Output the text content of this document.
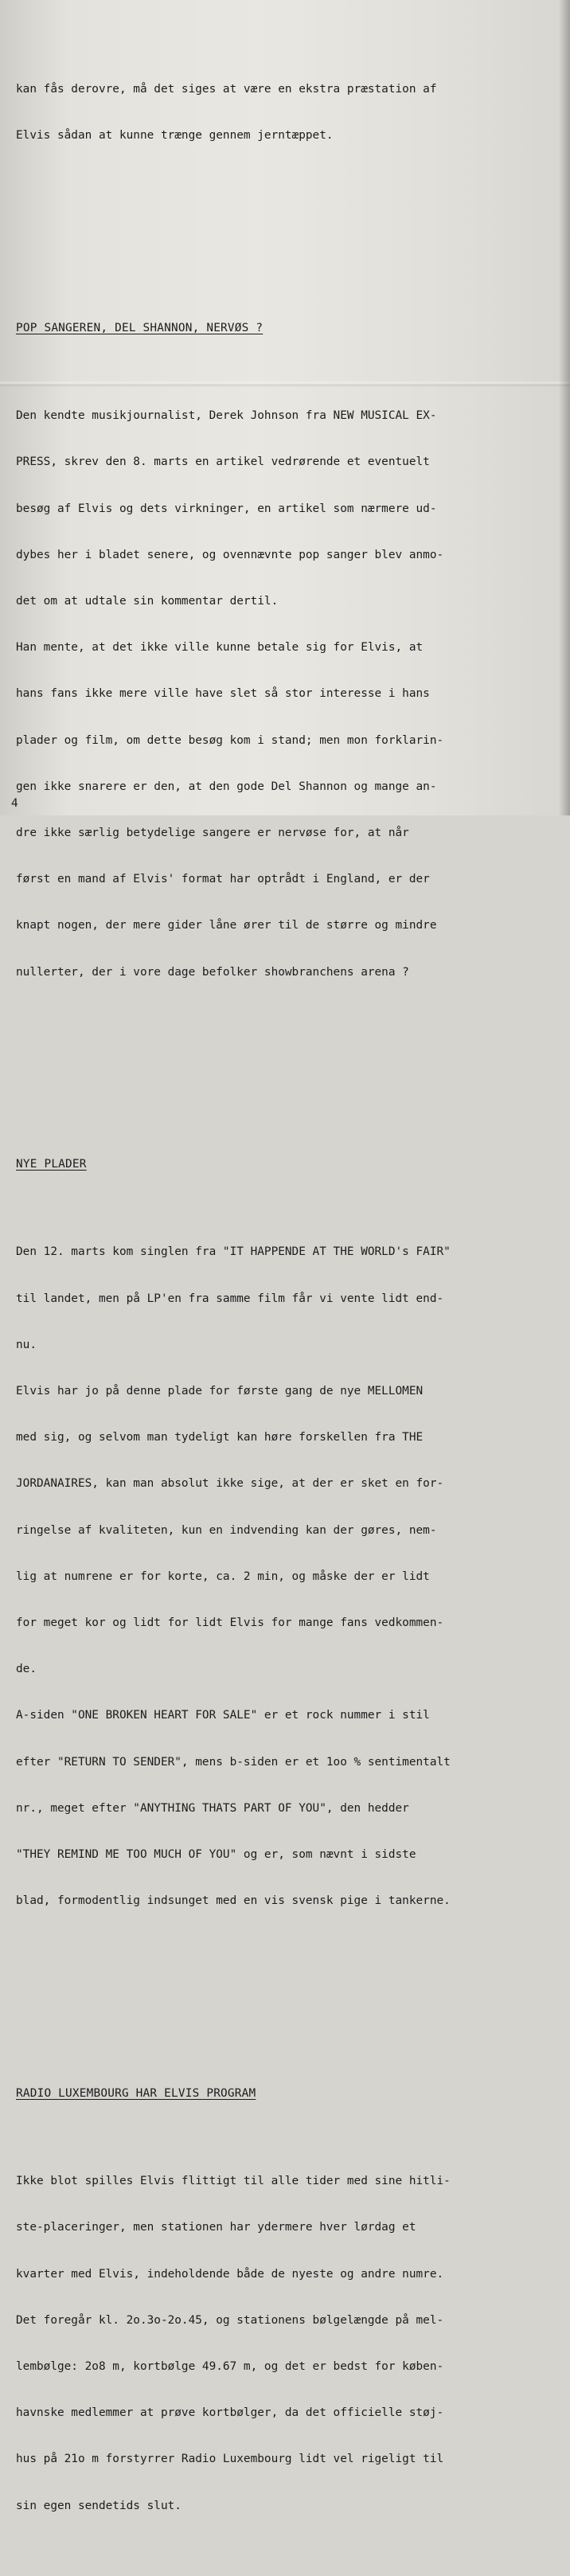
kan fås derovre, må det siges at være en ekstra præstation af

Elvis sådan at kunne trænge gennem jerntæppet.

POP SANGEREN, DEL SHANNON, NERVØS ?

Den kendte musikjournalist, Derek Johnson fra NEW MUSICAL EX-

PRESS, skrev den 8. marts en artikel vedrørende et eventuelt

besøg af Elvis og dets virkninger, en artikel som nærmere ud-

dybes her i bladet senere, og ovennævnte pop sanger blev anmo-

det om at udtale sin kommentar dertil.

Han mente, at det ikke ville kunne betale sig for Elvis, at

hans fans ikke mere ville have slet så stor interesse i hans

plader og film, om dette besøg kom i stand; men mon forklarin-

gen ikke snarere er den, at den gode Del Shannon og mange an-

dre ikke særlig betydelige sangere er nervøse for, at når

først en mand af Elvis' format har optrådt i England, er der

knapt nogen, der mere gider låne ører til de større og mindre

nullerter, der i vore dage befolker showbranchens arena ?

NYE PLADER

Den 12. marts kom singlen fra "IT HAPPENDE AT THE WORLD's FAIR"

til landet, men på LP'en fra samme film får vi vente lidt end-

nu.

Elvis har jo på denne plade for første gang de nye MELLOMEN

med sig, og selvom man tydeligt kan høre forskellen fra THE

JORDANAIRES, kan man absolut ikke sige, at der er sket en for-

ringelse af kvaliteten, kun en indvending kan der gøres, nem-

lig at numrene er for korte, ca. 2 min, og måske der er lidt

for meget kor og lidt for lidt Elvis for mange fans vedkommen-

de.

A-siden "ONE BROKEN HEART FOR SALE" er et rock nummer i stil

efter "RETURN TO SENDER", mens b-siden er et 1oo % sentimentalt

nr., meget efter "ANYTHING THATS PART OF YOU", den hedder

"THEY REMIND ME TOO MUCH OF YOU" og er, som nævnt i sidste

blad, formodentlig indsunget med en vis svensk pige i tankerne.

RADIO LUXEMBOURG HAR ELVIS PROGRAM

Ikke blot spilles Elvis flittigt til alle tider med sine hitli-

ste-placeringer, men stationen har ydermere hver lørdag et

kvarter med Elvis, indeholdende både de nyeste og andre numre.

Det foregår kl. 2o.3o-2o.45, og stationens bølgelængde på mel-

lembølge: 2o8 m, kortbølge 49.67 m, og det er bedst for køben-

havnske medlemmer at prøve kortbølger, da det officielle støj-

hus på 21o m forstyrrer Radio Luxembourg lidt vel rigeligt til

sin egen sendetids slut.

4
